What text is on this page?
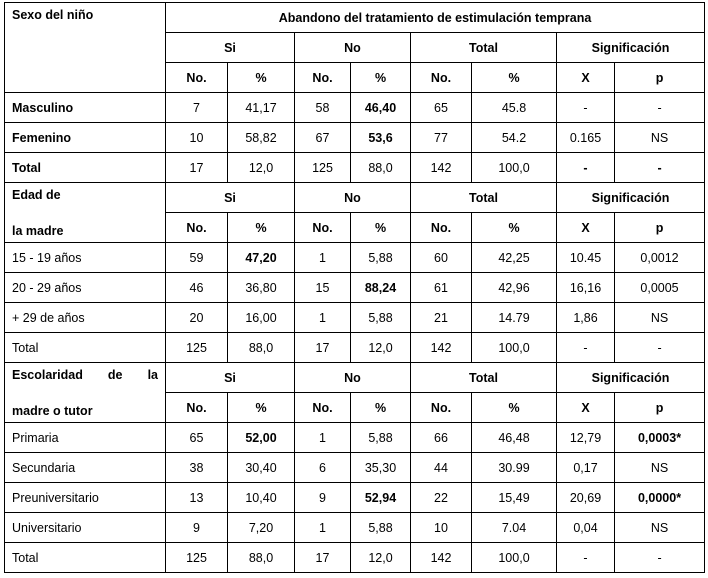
Sexo del niño	Abandono del tratamiento de estimulación temprana							
	Si		No		Total		Significación	
	No.	%	No.	%	No.	%	X	p
Masculino	7	41,17	58	46,40	65	45.8	-	-
Femenino	10	58,82	67	53,6	77	54.2	0.165	NS
Total	17	12,0	125	88,0	142	100,0	-	-

Edad de
la madre	Si		No		Total		Significación	
	No.	%	No.	%	No.	%	X	p
15 - 19 años	59	47,20	1	5,88	60	42,25	10.45	0,0012
20 - 29 años	46	36,80	15	88,24	61	42,96	16,16	0,0005
+ 29 de años	20	16,00	1	5,88	21	14.79	1,86	NS
Total	125	88,0	17	12,0	142	100,0	-	-

Escolaridad de la
madre o tutor	Si		No		Total		Significación	
	No.	%	No.	%	No.	%	X	p
Primaria	65	52,00	1	5,88	66	46,48	12,79	0,0003*
Secundaria	38	30,40	6	35,30	44	30.99	0,17	NS
Preuniversitario	13	10,40	9	52,94	22	15,49	20,69	0,0000*
Universitario	9	7,20	1	5,88	10	7.04	0,04	NS
Total	125	88,0	17	12,0	142	100,0	-	-
